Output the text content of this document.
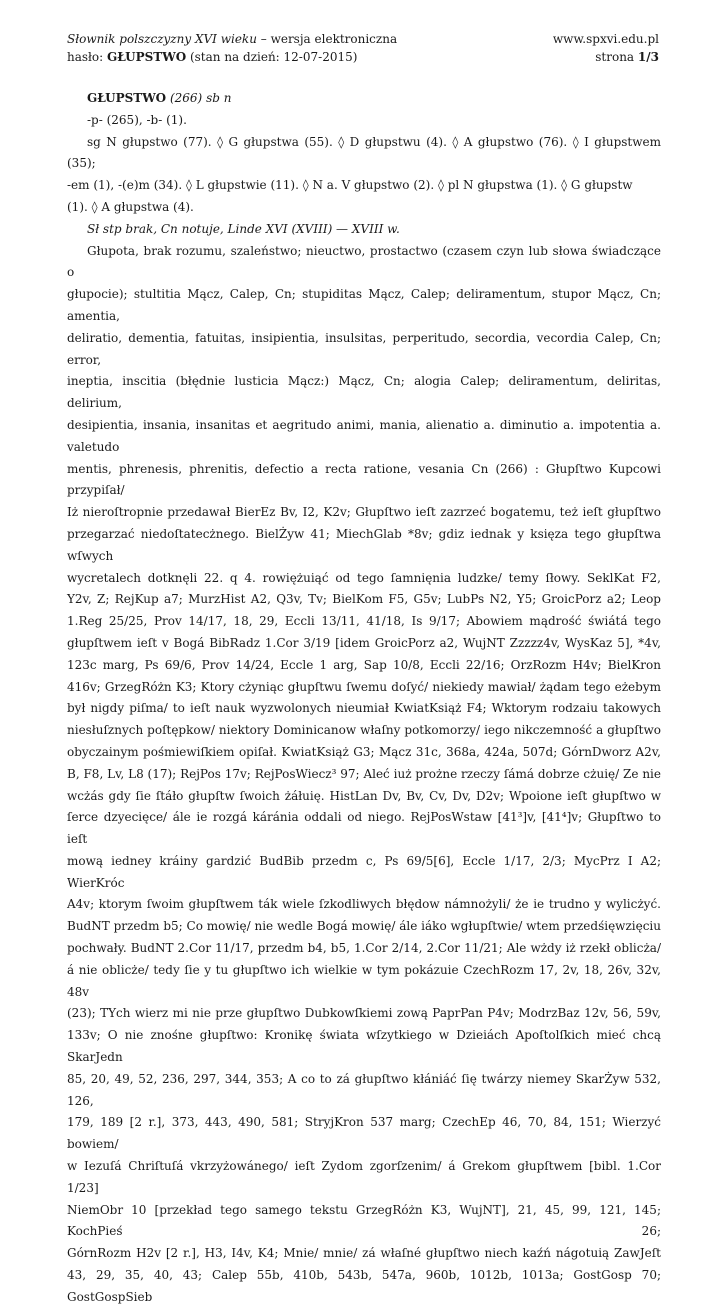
Słownik polszczyzny XVI wieku – wersja elektroniczna	www.spxvi.edu.pl
hasło: GŁUPSTWO (stan na dzień: 12-07-2015)	strona 1/3

GŁUPSTWO (266) sb n

-p- (265), -b- (1).

sg N głupstwo (77). ◊ G głupstwa (55). ◊ D głupstwu (4). ◊ A głupstwo (76). ◊ I głupstwem (35);

-em (1), -(e)m (34). ◊ L głupstwie (11). ◊ N a. V głupstwo (2). ◊ pl N głupstwa (1). ◊ G głupstw
(1). ◊ A głupstwa (4).

Sł stp brak, Cn notuje, Linde XVI (XVIII) — XVIII w.

Głupota, brak rozumu, szaleństwo; nieuctwo, prostactwo (czasem czyn lub słowa świadczące o
głupocie); stultitia Mącz, Calep, Cn; stupiditas Mącz, Calep; deliramentum, stupor Mącz, Cn; amentia,
deliratio, dementia, fatuitas, insipientia, insulsitas, perperitudo, secordia, vecordia Calep, Cn; error,
ineptia, inscitia (błędnie lusticia Mącz:) Mącz, Cn; alogia Calep; deliramentum, deliritas, delirium,
desipientia, insania, insanitas et aegritudo animi, mania, alienatio a. diminutio a. impotentia a. valetudo
mentis, phrenesis, phrenitis, defectio a recta ratione, vesania Cn (266) : Głupſtwo Kupcowi przypiſał/
Iż nieroſtropnie przedawał BierEz Bv, I2, K2v; Głupſtwo ieſt zazrzeć bogatemu, też ieſt głupſtwo
przegarzać niedoſtatecżnego. BielŻyw 41; MiechGlab *8v; gdiz iednak y księza tego głupſtwa wſwych
wycretalech dotknęli 22. q 4. rowiężuiąć od tego ſamnięnia ludzke/ temy ſłowy. SeklKat F2,
Y2v, Z; RejKup a7; MurzHist A2, Q3v, Tv; BielKom F5, G5v; LubPs N2, Y5; GroicPorz a2; Leop
1.Reg 25/25, Prov 14/17, 18, 29, Eccli 13/11, 41/18, Is 9/17; Abowiem mądrość świátá tego
głupſtwem ieſt v Bogá BibRadz 1.Cor 3/19 [idem GroicPorz a2, WujNT Zzzzz4v, WysKaz 5], *4v,
123c marg, Ps 69/6, Prov 14/24, Eccle 1 arg, Sap 10/8, Eccli 22/16; OrzRozm H4v; BielKron
416v; GrzegRóżn K3; Ktory cżyniąc głupſtwu ſwemu doſyć/ niekiedy mawiał/ żądam tego eżebym
był nigdy piſma/ to ieſt nauk wyzwolonych nieumiał KwiatKsiąż F4; Wktorym rodzaiu takowych
niesłuſznych poſtępkow/ niektory Dominicanow właſny potkomorzy/ iego nikczemność a głupſtwo
obyczainym pośmiewiſkiem opiſał. KwiatKsiąż G3; Mącz 31c, 368a, 424a, 507d; GórnDworz A2v,
B, F8, Lv, L8 (17); RejPos 17v; RejPosWiecz³ 97; Aleć iuż prożne rzeczy ſámá dobrze cżuię/ Ze nie
wcżás gdy ſie ſtáło głupſtw ſwoich żáłuię. HistLan Dv, Bv, Cv, Dv, D2v; Wpoione ieſt głupſtwo w
ſerce dzyecięce/ ále ie rozgá káránia oddali od niego. RejPosWstaw [41³]v, [41⁴]v; Głupſtwo to ieſt
mową iedney kráiny gardzić BudBib przedm c, Ps 69/5[6], Eccle 1/17, 2/3; MycPrz I A2; WierKróc
A4v; ktorym ſwoim głupſtwem ták wiele ſzkodliwych błędow námnożyli/ że ie trudno y wylicżyć.
BudNT przedm b5; Co mowię/ nie wedle Bogá mowię/ ále iáko wgłupſtwie/ wtem przedśięwzięciu
pochwały. BudNT 2.Cor 11/17, przedm b4, b5, 1.Cor 2/14, 2.Cor 11/21; Ale wżdy iż rzekł oblicża/
á nie oblicże/ tedy ſie y tu głupſtwo ich wielkie w tym pokázuie CzechRozm 17, 2v, 18, 26v, 32v, 48v
(23); TYch wierz mi nie prze głupſtwo Dubkowſkiemi zową PaprPan P4v; ModrzBaz 12v, 56, 59v,
133v; O nie znośne głupſtwo: Kronikę świata wſzytkiego w Dzieiách Apoſtolſkich mieć chcą SkarJedn
85, 20, 49, 52, 236, 297, 344, 353; A co to zá głupſtwo kłániáć ſię twárzy niemey SkarŻyw 532, 126,
179, 189 [2 r.], 373, 443, 490, 581; StryjKron 537 marg; CzechEp 46, 70, 84, 151; Wierzyć bowiem/
w Iezuſá Chriſtuſá vkrzyżowánego/ ieſt Zydom zgorſzenim/ á Grekom głupſtwem [bibl. 1.Cor 1/23]
NiemObr 10 [przekład tego samego tekstu GrzegRóżn K3, WujNT], 21, 45, 99, 121, 145; KochPieś 26;
GórnRozm H2v [2 r.], H3, I4v, K4; Mnie/ mnie/ zá właſné głupſtwo niech kaźń nágotuią ZawJeſt
43, 29, 35, 40, 43; Calep 55b, 410b, 543b, 547a, 960b, 1012b, 1013a; GostGosp 70; GostGospSieb
